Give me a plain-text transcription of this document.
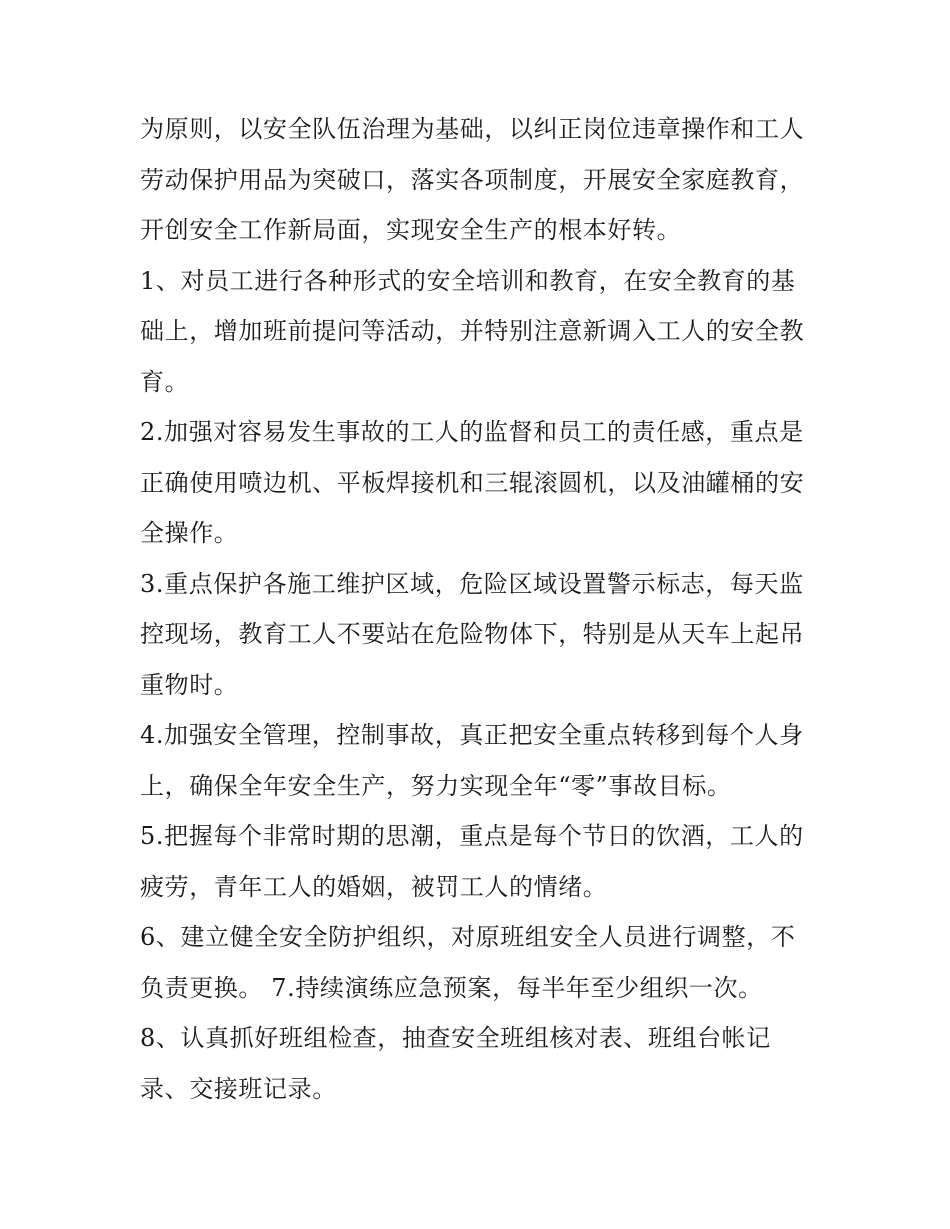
为原则，以安全队伍治理为基础，以纠正岗位违章操作和工人
劳动保护用品为突破口，落实各项制度，开展安全家庭教育，
开创安全工作新局面，实现安全生产的根本好转。
1、对员工进行各种形式的安全培训和教育，在安全教育的基
础上，增加班前提问等活动，并特别注意新调入工人的安全教
育。
2.加强对容易发生事故的工人的监督和员工的责任感，重点是
正确使用喷边机、平板焊接机和三辊滚圆机，以及油罐桶的安
全操作。
3.重点保护各施工维护区域，危险区域设置警示标志，每天监
控现场，教育工人不要站在危险物体下，特别是从天车上起吊
重物时。
4.加强安全管理，控制事故，真正把安全重点转移到每个人身
上，确保全年安全生产，努力实现全年“零”事故目标。
5.把握每个非常时期的思潮，重点是每个节日的饮酒，工人的
疲劳，青年工人的婚姻，被罚工人的情绪。
6、建立健全安全防护组织，对原班组安全人员进行调整，不
负责更换。 7.持续演练应急预案，每半年至少组织一次。
8、认真抓好班组检查，抽查安全班组核对表、班组台帐记
录、交接班记录。
